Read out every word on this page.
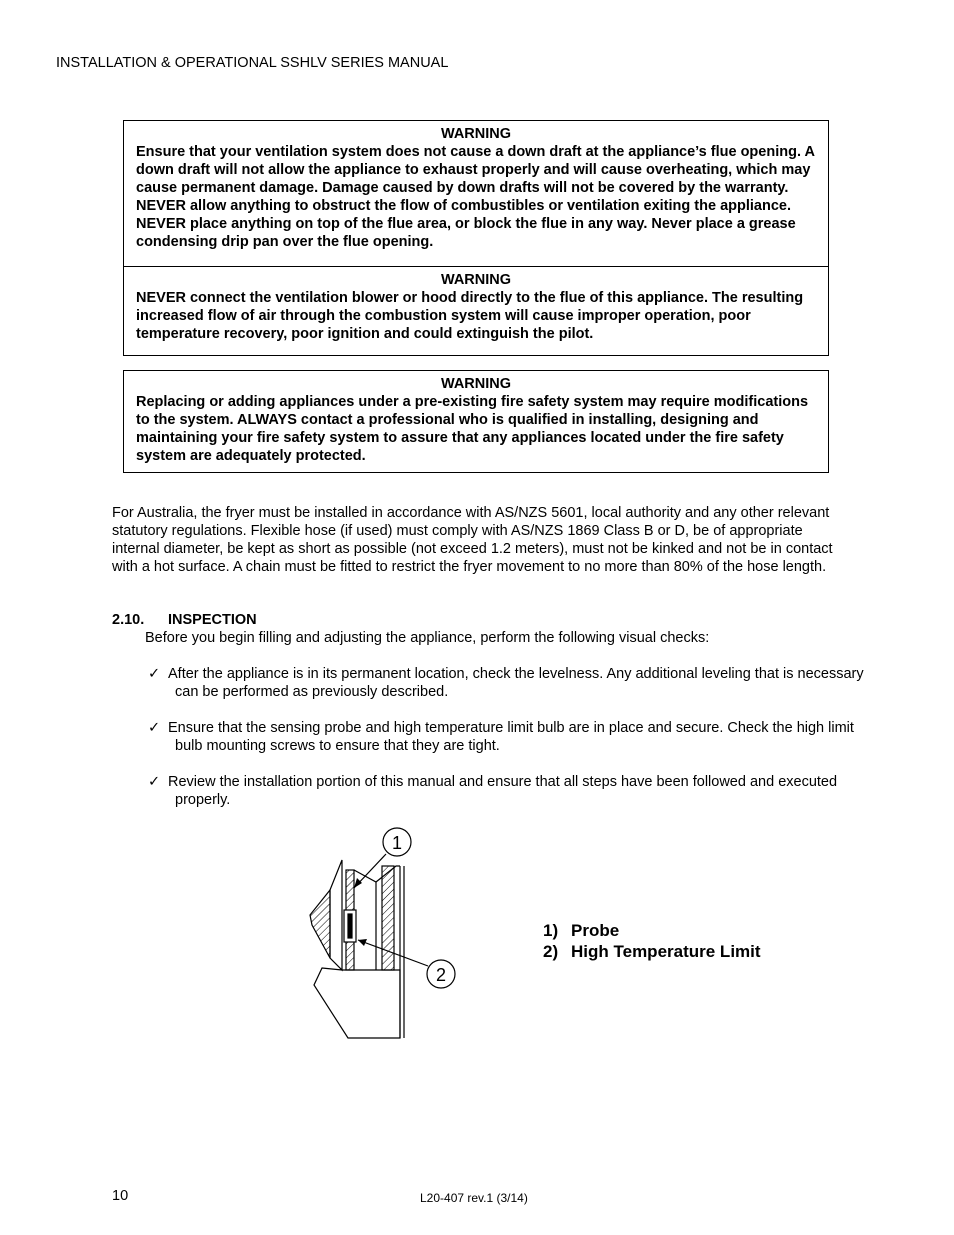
INSTALLATION & OPERATIONAL SSHLV SERIES MANUAL
WARNING
Ensure that your ventilation system does not cause a down draft at the appliance’s flue opening. A down draft will not allow the appliance to exhaust properly and will cause overheating, which may cause permanent damage. Damage caused by down drafts will not be covered by the warranty. NEVER allow anything to obstruct the flow of combustibles or ventilation exiting the appliance. NEVER place anything on top of the flue area, or block the flue in any way. Never place a grease condensing drip pan over the flue opening.
WARNING
NEVER connect the ventilation blower or hood directly to the flue of this appliance. The resulting increased flow of air through the combustion system will cause improper operation, poor temperature recovery, poor ignition and could extinguish the pilot.
WARNING
Replacing or adding appliances under a pre-existing fire safety system may require modifications to the system. ALWAYS contact a professional who is qualified in installing, designing and maintaining your fire safety system to assure that any appliances located under the fire safety system are adequately protected.
For Australia, the fryer must be installed in accordance with AS/NZS 5601, local authority and any other relevant statutory regulations. Flexible hose (if used) must comply with AS/NZS 1869 Class B or D, be of appropriate internal diameter, be kept as short as possible (not exceed 1.2 meters), must not be kinked and not be in contact with a hot surface. A chain must be fitted to restrict the fryer movement to no more than 80% of the hose length.
2.10. INSPECTION
Before you begin filling and adjusting the appliance, perform the following visual checks:
✓ After the appliance is in its permanent location, check the levelness. Any additional leveling that is necessary can be performed as previously described.
✓ Ensure that the sensing probe and high temperature limit bulb are in place and secure. Check the high limit bulb mounting screws to ensure that they are tight.
✓ Review the installation portion of this manual and ensure that all steps have been followed and executed properly.
1
2
1) Probe
2) High Temperature Limit
10	L20-407 rev.1 (3/14)
